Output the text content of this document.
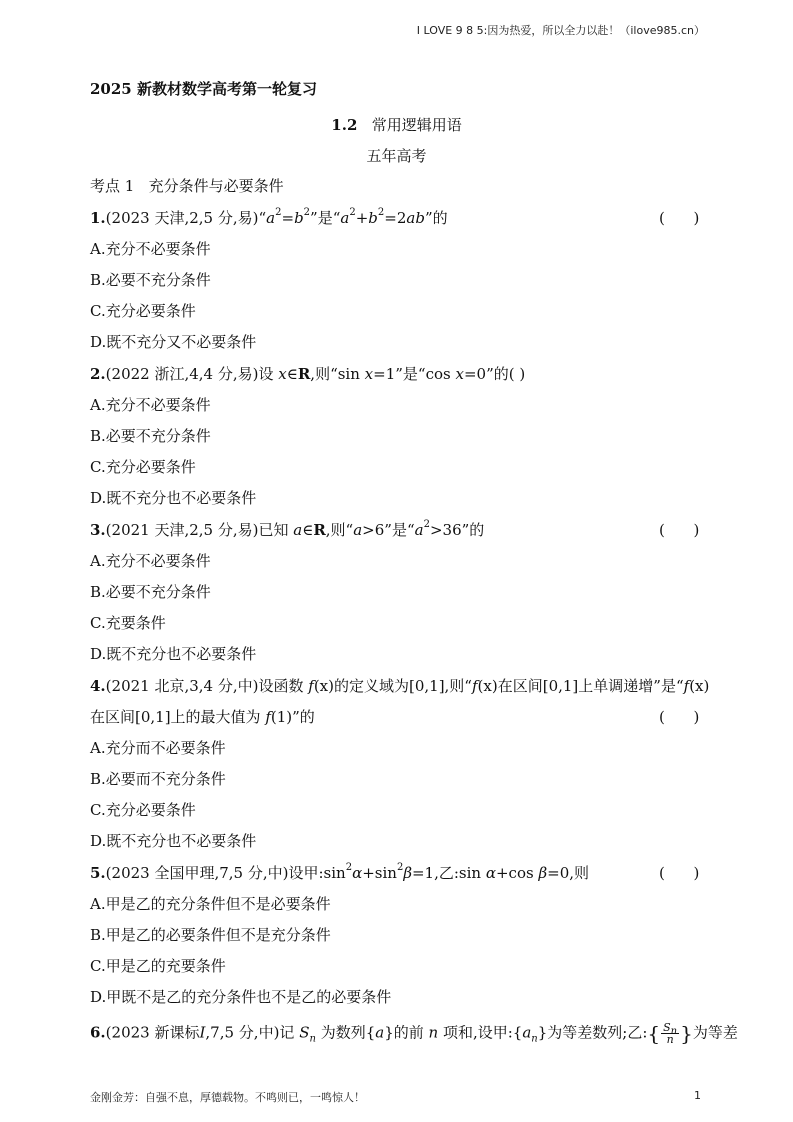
I LOVE 9 8 5:因为热爱，所以全力以赴！（ilove985.cn）
2025 新教材数学高考第一轮复习
1.2 常用逻辑用语
五年高考
考点 1 充分条件与必要条件
1.(2023 天津,2,5 分,易)“$a^2=b^2$”是“$a^2+b^2=2ab$”的	(      )
A.充分不必要条件
B.必要不充分条件
C.充分必要条件
D.既不充分又不必要条件
2.(2022 浙江,4,4 分,易)设 x∈R,则“sin x=1”是“cos x=0”的( )
A.充分不必要条件
B.必要不充分条件
C.充分必要条件
D.既不充分也不必要条件
3.(2021 天津,2,5 分,易)已知 a∈R,则“a>6”是“$a^2>36$”的	(      )
A.充分不必要条件
B.必要不充分条件
C.充要条件
D.既不充分也不必要条件
4.(2021 北京,3,4 分,中)设函数 f(x)的定义域为[0,1],则“f(x)在区间[0,1]上单调递增”是“f(x)
在区间[0,1]上的最大值为 f(1)”的	(      )
A.充分而不必要条件
B.必要而不充分条件
C.充分必要条件
D.既不充分也不必要条件
5.(2023 全国甲理,7,5 分,中)设甲$:\sin^2\alpha+\sin^2\beta=1$,乙:sin α+cos β=0,则	(      )
A.甲是乙的充分条件但不是必要条件
B.甲是乙的必要条件但不是充分条件
C.甲是乙的充要条件
D.甲既不是乙的充分条件也不是乙的必要条件
6.(2023 新课标I,7,5 分,中)记 $S_n$ 为数列{a}的前 n 项和,设甲$:\{a_n\}$为等差数列;乙:{ $\frac{S_n}{n}$ }为等差
金刚金芳：自强不息，厚德载物。不鸣则已，一鸣惊人！	1
